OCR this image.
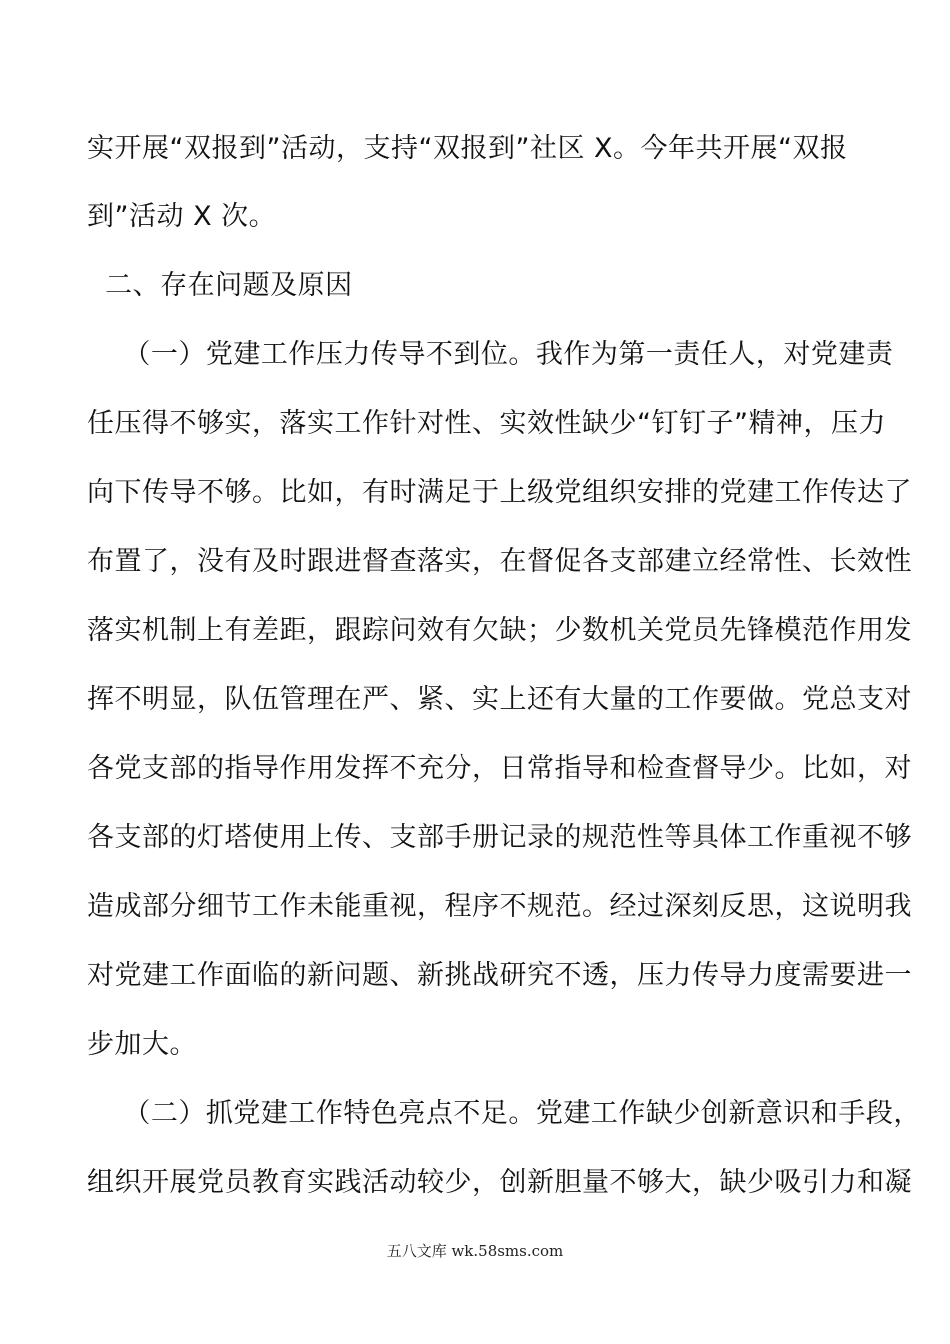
实开展“双报到”活动，支持“双报到”社区 X。今年共开展“双报
到”活动 X 次。
二、存在问题及原因
（一）党建工作压力传导不到位。我作为第一责任人，对党建责
任压得不够实，落实工作针对性、实效性缺少“钉钉子”精神，压力
向下传导不够。比如，有时满足于上级党组织安排的党建工作传达了
布置了，没有及时跟进督查落实，在督促各支部建立经常性、长效性
落实机制上有差距，跟踪问效有欠缺；少数机关党员先锋模范作用发
挥不明显，队伍管理在严、紧、实上还有大量的工作要做。党总支对
各党支部的指导作用发挥不充分，日常指导和检查督导少。比如，对
各支部的灯塔使用上传、支部手册记录的规范性等具体工作重视不够
造成部分细节工作未能重视，程序不规范。经过深刻反思，这说明我
对党建工作面临的新问题、新挑战研究不透，压力传导力度需要进一
步加大。
（二）抓党建工作特色亮点不足。党建工作缺少创新意识和手段，
组织开展党员教育实践活动较少，创新胆量不够大，缺少吸引力和凝
五八文库 wk.58sms.com
